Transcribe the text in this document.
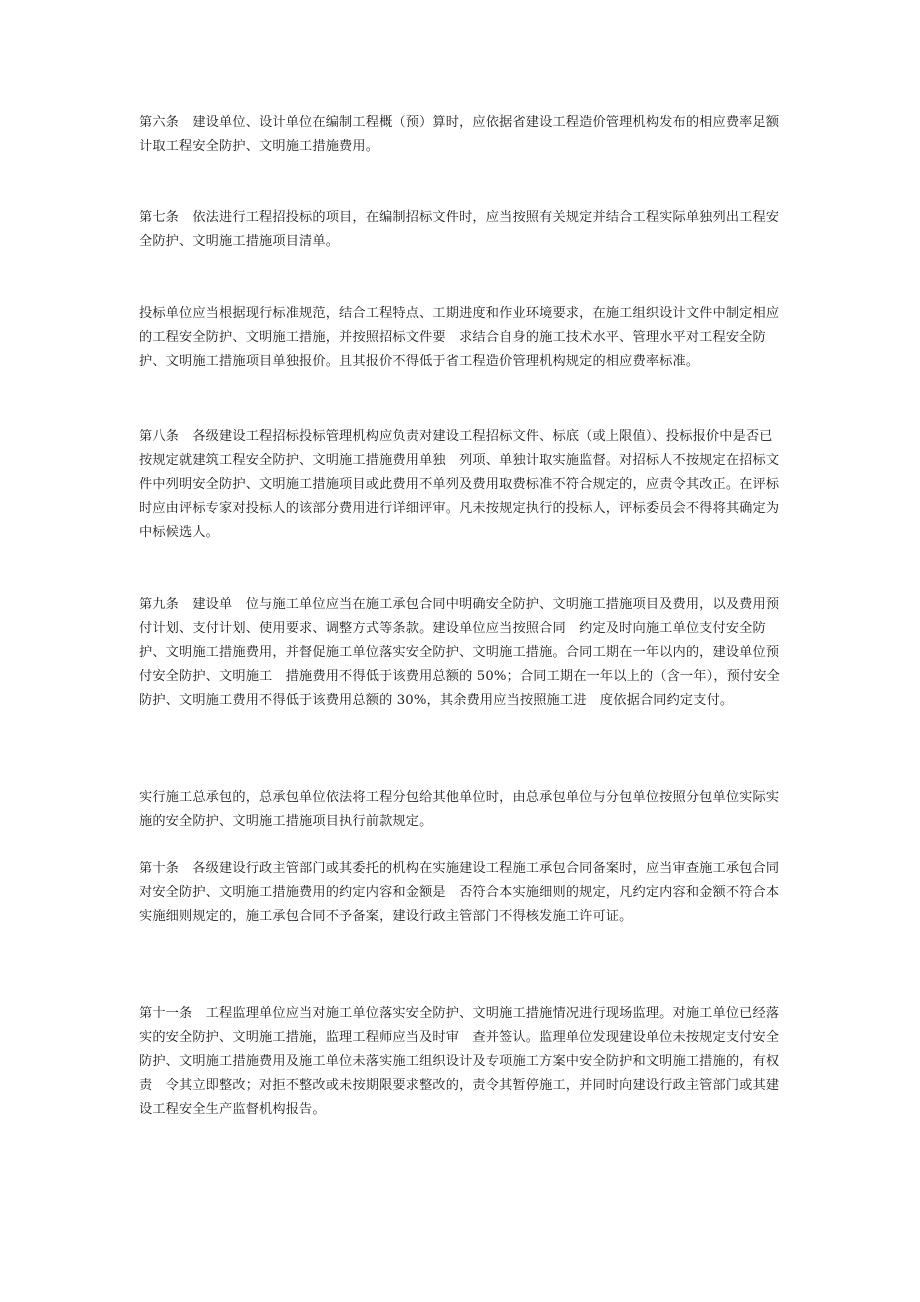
第六条　建设单位、设计单位在编制工程概（预）算时，应依据省建设工程造价管理机构发布的相应费率足额计取工程安全防护、文明施工措施费用。

第七条　依法进行工程招投标的项目，在编制招标文件时，应当按照有关规定并结合工程实际单独列出工程安全防护、文明施工措施项目清单。

投标单位应当根据现行标准规范，结合工程特点、工期进度和作业环境要求，在施工组织设计文件中制定相应的工程安全防护、文明施工措施，并按照招标文件要　求结合自身的施工技术水平、管理水平对工程安全防护、文明施工措施项目单独报价。且其报价不得低于省工程造价管理机构规定的相应费率标准。

第八条　各级建设工程招标投标管理机构应负责对建设工程招标文件、标底（或上限值）、投标报价中是否已按规定就建筑工程安全防护、文明施工措施费用单独　列项、单独计取实施监督。对招标人不按规定在招标文件中列明安全防护、文明施工措施项目或此费用不单列及费用取费标准不符合规定的，应责令其改正。在评标　时应由评标专家对投标人的该部分费用进行详细评审。凡未按规定执行的投标人，评标委员会不得将其确定为中标候选人。

第九条　建设单　位与施工单位应当在施工承包合同中明确安全防护、文明施工措施项目及费用，以及费用预付计划、支付计划、使用要求、调整方式等条款。建设单位应当按照合同　约定及时向施工单位支付安全防护、文明施工措施费用，并督促施工单位落实安全防护、文明施工措施。合同工期在一年以内的，建设单位预付安全防护、文明施工　措施费用不得低于该费用总额的 50%；合同工期在一年以上的（含一年），预付安全防护、文明施工费用不得低于该费用总额的 30%，其余费用应当按照施工进　度依据合同约定支付。

实行施工总承包的，总承包单位依法将工程分包给其他单位时，由总承包单位与分包单位按照分包单位实际实施的安全防护、文明施工措施项目执行前款规定。

第十条　各级建设行政主管部门或其委托的机构在实施建设工程施工承包合同备案时，应当审查施工承包合同对安全防护、文明施工措施费用的约定内容和金额是　否符合本实施细则的规定，凡约定内容和金额不符合本实施细则规定的，施工承包合同不予备案，建设行政主管部门不得核发施工许可证。

第十一条　工程监理单位应当对施工单位落实安全防护、文明施工措施情况进行现场监理。对施工单位已经落实的安全防护、文明施工措施，监理工程师应当及时审　查并签认。监理单位发现建设单位未按规定支付安全防护、文明施工措施费用及施工单位未落实施工组织设计及专项施工方案中安全防护和文明施工措施的，有权责　令其立即整改；对拒不整改或未按期限要求整改的，责令其暂停施工，并同时向建设行政主管部门或其建设工程安全生产监督机构报告。
